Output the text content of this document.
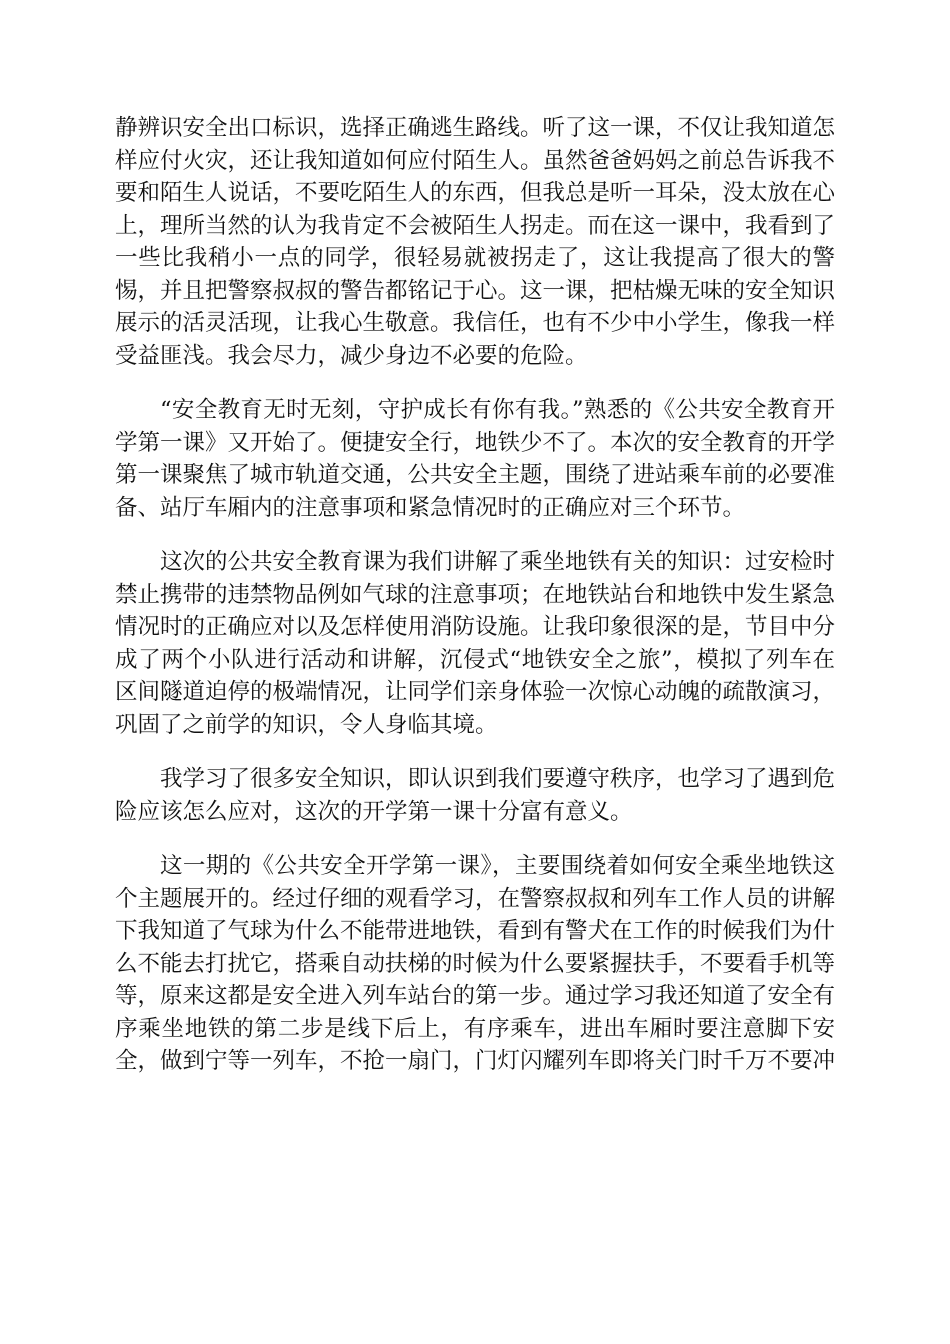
静辨识安全出口标识，选择正确逃生路线。听了这一课，不仅让我知道怎样应付火灾，还让我知道如何应付陌生人。虽然爸爸妈妈之前总告诉我不要和陌生人说话，不要吃陌生人的东西，但我总是听一耳朵，没太放在心上，理所当然的认为我肯定不会被陌生人拐走。而在这一课中，我看到了一些比我稍小一点的同学，很轻易就被拐走了，这让我提高了很大的警惕，并且把警察叔叔的警告都铭记于心。这一课，把枯燥无味的安全知识展示的活灵活现，让我心生敬意。我信任，也有不少中小学生，像我一样受益匪浅。我会尽力，减少身边不必要的危险。

“安全教育无时无刻，守护成长有你有我。”熟悉的《公共安全教育开学第一课》又开始了。便捷安全行，地铁少不了。本次的安全教育的开学第一课聚焦了城市轨道交通，公共安全主题，围绕了进站乘车前的必要准备、站厅车厢内的注意事项和紧急情况时的正确应对三个环节。

这次的公共安全教育课为我们讲解了乘坐地铁有关的知识：过安检时禁止携带的违禁物品例如气球的注意事项；在地铁站台和地铁中发生紧急情况时的正确应对以及怎样使用消防设施。让我印象很深的是，节目中分成了两个小队进行活动和讲解，沉侵式“地铁安全之旅”，模拟了列车在区间隧道迫停的极端情况，让同学们亲身体验一次惊心动魄的疏散演习，巩固了之前学的知识，令人身临其境。

我学习了很多安全知识，即认识到我们要遵守秩序，也学习了遇到危险应该怎么应对，这次的开学第一课十分富有意义。

这一期的《公共安全开学第一课》，主要围绕着如何安全乘坐地铁这个主题展开的。经过仔细的观看学习，在警察叔叔和列车工作人员的讲解下我知道了气球为什么不能带进地铁，看到有警犬在工作的时候我们为什么不能去打扰它，搭乘自动扶梯的时候为什么要紧握扶手，不要看手机等等，原来这都是安全进入列车站台的第一步。通过学习我还知道了安全有序乘坐地铁的第二步是线下后上，有序乘车，进出车厢时要注意脚下安全，做到宁等一列车，不抢一扇门，门灯闪耀列车即将关门时千万不要冲
